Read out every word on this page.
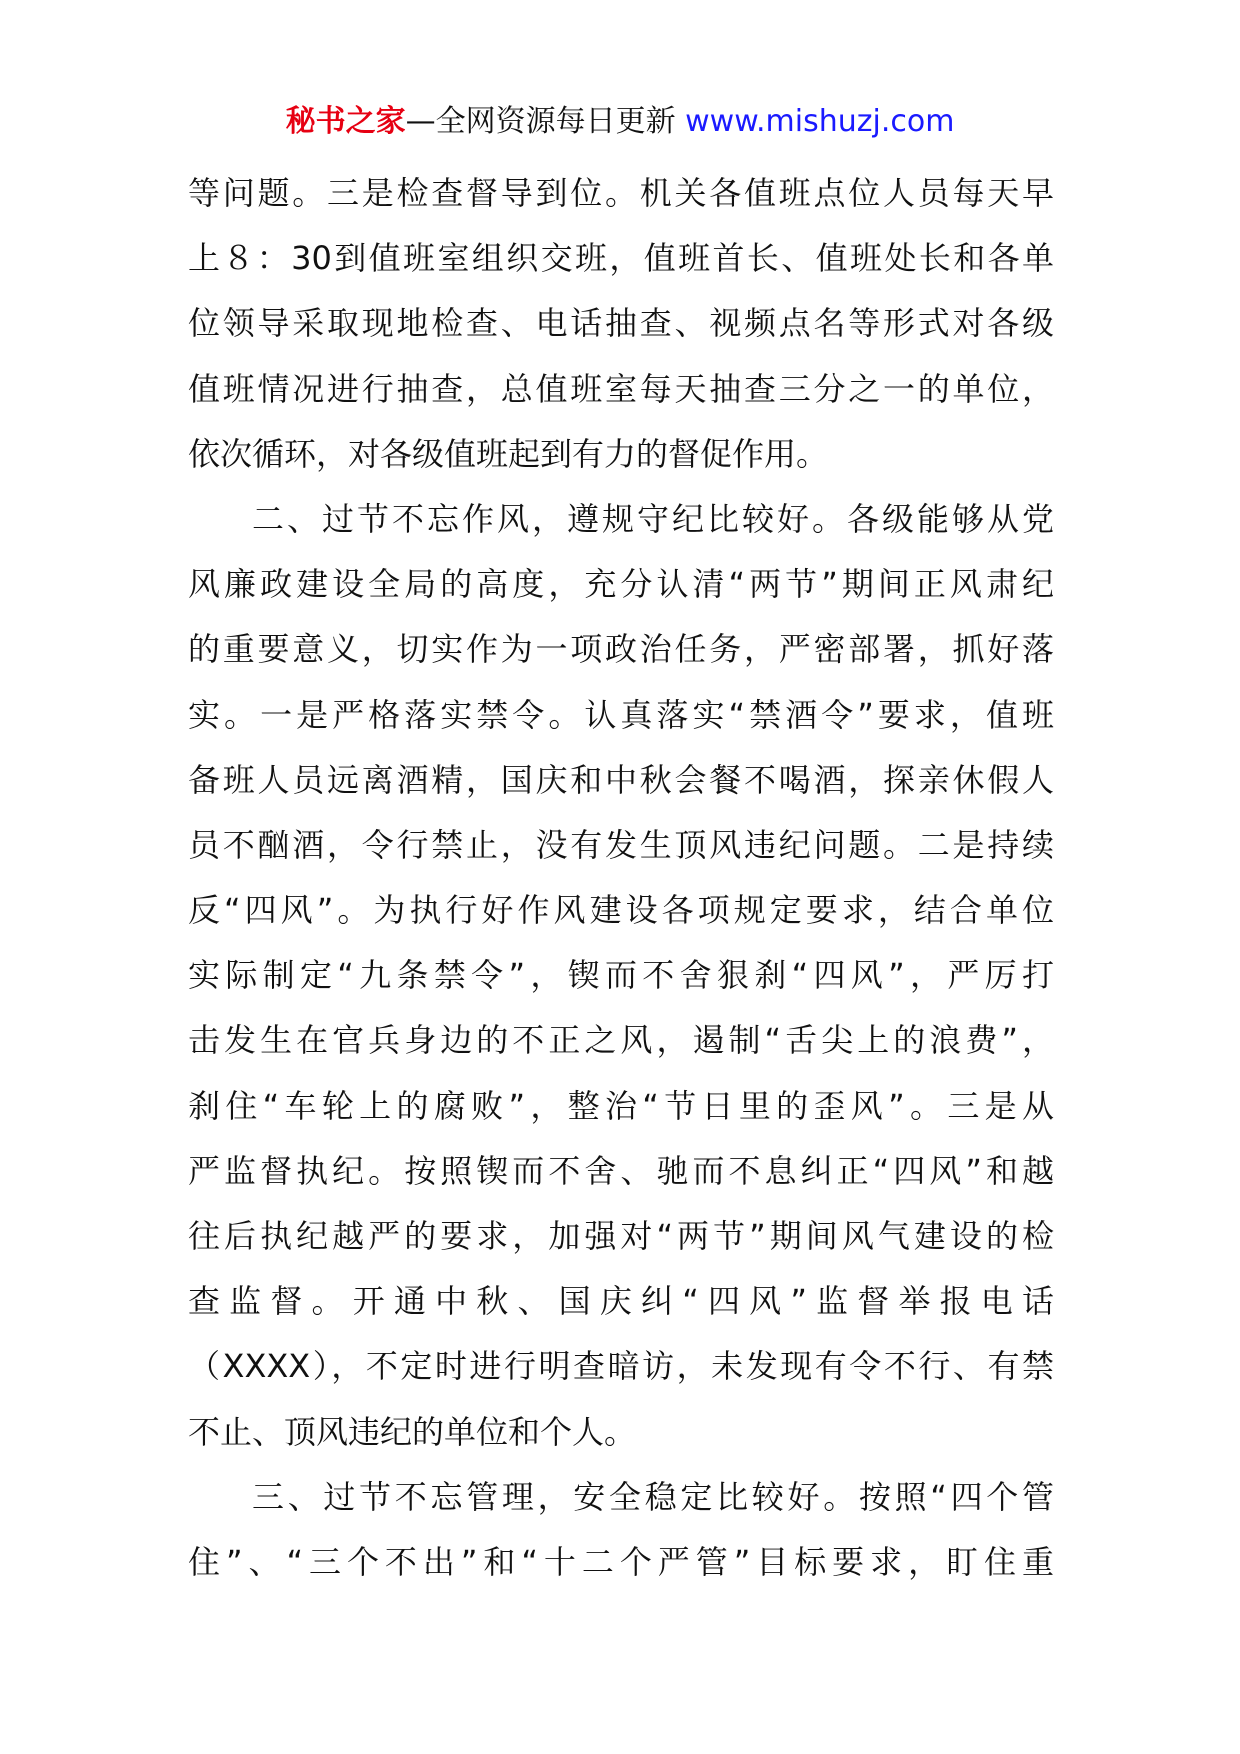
秘书之家—全网资源每日更新 www.mishuzj.com
等问题。三是检查督导到位。机关各值班点位人员每天早
上８：30到值班室组织交班，值班首长、值班处长和各单
位领导采取现地检查、电话抽查、视频点名等形式对各级
值班情况进行抽查，总值班室每天抽查三分之一的单位，
依次循环，对各级值班起到有力的督促作用。
二、过节不忘作风，遵规守纪比较好。各级能够从党
风廉政建设全局的高度，充分认清“两节”期间正风肃纪
的重要意义，切实作为一项政治任务，严密部署，抓好落
实。一是严格落实禁令。认真落实“禁酒令”要求，值班
备班人员远离酒精，国庆和中秋会餐不喝酒，探亲休假人
员不酗酒，令行禁止，没有发生顶风违纪问题。二是持续
反“四风”。为执行好作风建设各项规定要求，结合单位
实际制定“九条禁令”，锲而不舍狠刹“四风”，严厉打
击发生在官兵身边的不正之风，遏制“舌尖上的浪费”，
刹住“车轮上的腐败”，整治“节日里的歪风”。三是从
严监督执纪。按照锲而不舍、驰而不息纠正“四风”和越
往后执纪越严的要求，加强对“两节”期间风气建设的检
查监督。开通中秋、国庆纠“四风”监督举报电话
（XXXX），不定时进行明查暗访，未发现有令不行、有禁
不止、顶风违纪的单位和个人。
三、过节不忘管理，安全稳定比较好。按照“四个管
住”、“三个不出”和“十二个严管”目标要求，盯住重
